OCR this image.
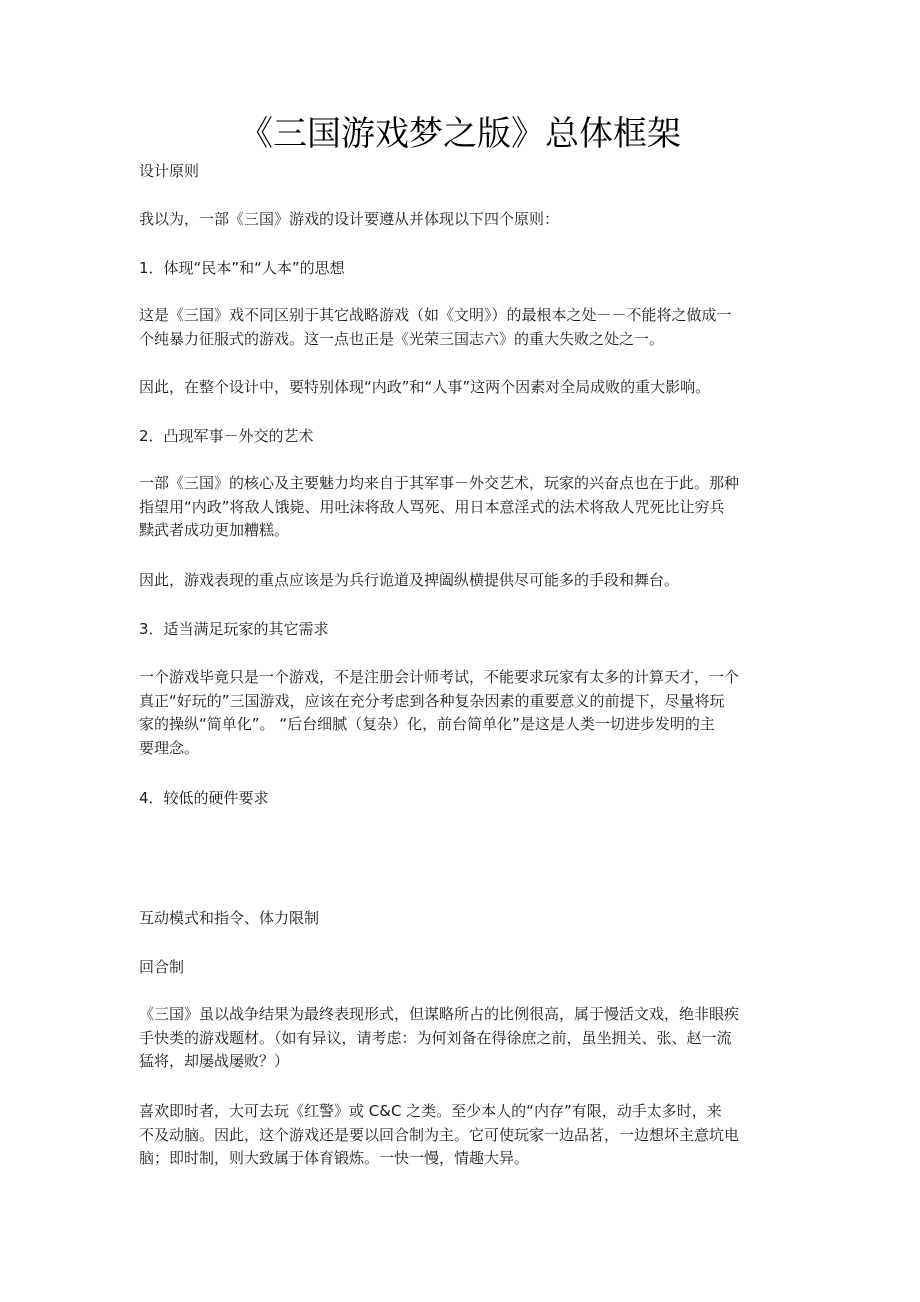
《三国游戏梦之版》总体框架
设计原则
我以为，一部《三国》游戏的设计要遵从并体现以下四个原则：
1．体现“民本”和“人本”的思想
这是《三国》戏不同区别于其它战略游戏（如《文明》）的最根本之处－－不能将之做成一
个纯暴力征服式的游戏。这一点也正是《光荣三国志六》的重大失败之处之一。
因此，在整个设计中，要特别体现“内政”和“人事”这两个因素对全局成败的重大影响。
2．凸现军事－外交的艺术
一部《三国》的核心及主要魅力均来自于其军事－外交艺术，玩家的兴奋点也在于此。那种
指望用“内政”将敌人饿毙、用吐沫将敌人骂死、用日本意淫式的法术将敌人咒死比让穷兵
黩武者成功更加糟糕。
因此，游戏表现的重点应该是为兵行诡道及捭阖纵横提供尽可能多的手段和舞台。
3．适当满足玩家的其它需求
一个游戏毕竟只是一个游戏，不是注册会计师考试，不能要求玩家有太多的计算天才，一个
真正“好玩的”三国游戏，应该在充分考虑到各种复杂因素的重要意义的前提下，尽量将玩
家的操纵“简单化”。 “后台细腻（复杂）化，前台简单化”是这是人类一切进步发明的主
要理念。
4．较低的硬件要求
互动模式和指令、体力限制
回合制
《三国》虽以战争结果为最终表现形式，但谋略所占的比例很高，属于慢活文戏，绝非眼疾
手快类的游戏题材。（如有异议，请考虑：为何刘备在得徐庶之前，虽坐拥关、张、赵一流
猛将，却屡战屡败？）
喜欢即时者，大可去玩《红警》或 C&C 之类。至少本人的“内存”有限，动手太多时，来
不及动脑。因此，这个游戏还是要以回合制为主。它可使玩家一边品茗，一边想坏主意坑电
脑；即时制，则大致属于体育锻炼。一快一慢，情趣大异。
